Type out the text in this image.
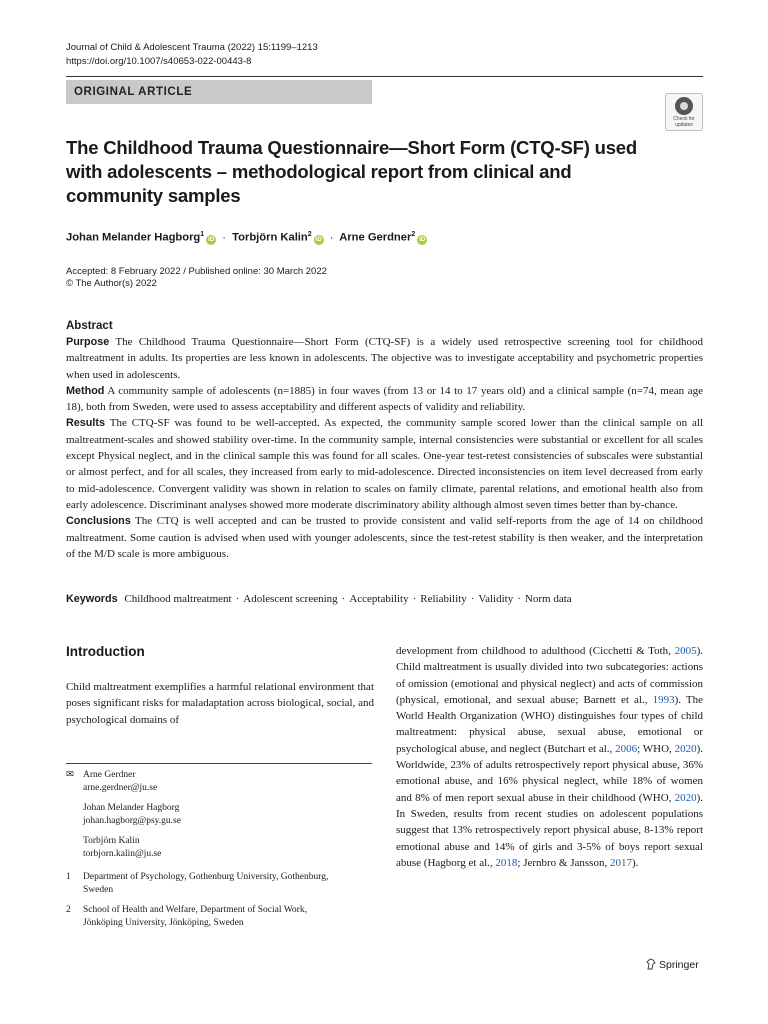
Journal of Child & Adolescent Trauma (2022) 15:1199–1213
https://doi.org/10.1007/s40653-022-00443-8
ORIGINAL ARTICLE
Check for updates
The Childhood Trauma Questionnaire—Short Form (CTQ-SF) used with adolescents – methodological report from clinical and community samples
Johan Melander Hagborg$^1$iD · Torbjörn Kalin$^2$iD · Arne Gerdner$^2$iD
Accepted: 8 February 2022 / Published online: 30 March 2022
© The Author(s) 2022
Abstract
Purpose The Childhood Trauma Questionnaire—Short Form (CTQ-SF) is a widely used retrospective screening tool for childhood maltreatment in adults. Its properties are less known in adolescents. The objective was to investigate acceptability and psychometric properties when used in adolescents.
Method A community sample of adolescents (n=1885) in four waves (from 13 or 14 to 17 years old) and a clinical sample (n=74, mean age 18), both from Sweden, were used to assess acceptability and different aspects of validity and reliability.
Results The CTQ-SF was found to be well-accepted. As expected, the community sample scored lower than the clinical sample on all maltreatment-scales and showed stability over-time. In the community sample, internal consistencies were substantial or excellent for all scales except Physical neglect, and in the clinical sample this was found for all scales. One-year test-retest consistencies of subscales were substantial or almost perfect, and for all scales, they increased from early to mid-adolescence. Directed inconsistencies on item level decreased from early to mid-adolescence. Convergent validity was shown in relation to scales on family climate, parental relations, and emotional health also from early adolescence. Discriminant analyses showed more moderate discriminatory ability although almost seven times better than by-chance.
Conclusions The CTQ is well accepted and can be trusted to provide consistent and valid self-reports from the age of 14 on childhood maltreatment. Some caution is advised when used with younger adolescents, since the test-retest stability is then weaker, and the interpretation of the M/D scale is more ambiguous.
Keywords Childhood maltreatment · Adolescent screening · Acceptability · Reliability · Validity · Norm data
Introduction
Child maltreatment exemplifies a harmful relational environment that poses significant risks for maladaptation across biological, social, and psychological domains of
✉ Arne Gerdner
arne.gerdner@ju.se
Johan Melander Hagborg
johan.hagborg@psy.gu.se
Torbjörn Kalin
torbjorn.kalin@ju.se
1 Department of Psychology, Gothenburg University, Gothenburg, Sweden
2 School of Health and Welfare, Department of Social Work, Jönköping University, Jönköping, Sweden
development from childhood to adulthood (Cicchetti & Toth, 2005). Child maltreatment is usually divided into two subcategories: actions of omission (emotional and physical neglect) and acts of commission (physical, emotional, and sexual abuse; Barnett et al., 1993). The World Health Organization (WHO) distinguishes four types of child maltreatment: physical abuse, sexual abuse, emotional or psychological abuse, and neglect (Butchart et al., 2006; WHO, 2020). Worldwide, 23% of adults retrospectively report physical abuse, 36% emotional abuse, and 16% physical neglect, while 18% of women and 8% of men report sexual abuse in their childhood (WHO, 2020). In Sweden, results from recent studies on adolescent populations suggest that 13% retrospectively report physical abuse, 8-13% report emotional abuse and 14% of girls and 3-5% of boys report sexual abuse (Hagborg et al., 2018; Jernbro & Jansson, 2017).
Springer
